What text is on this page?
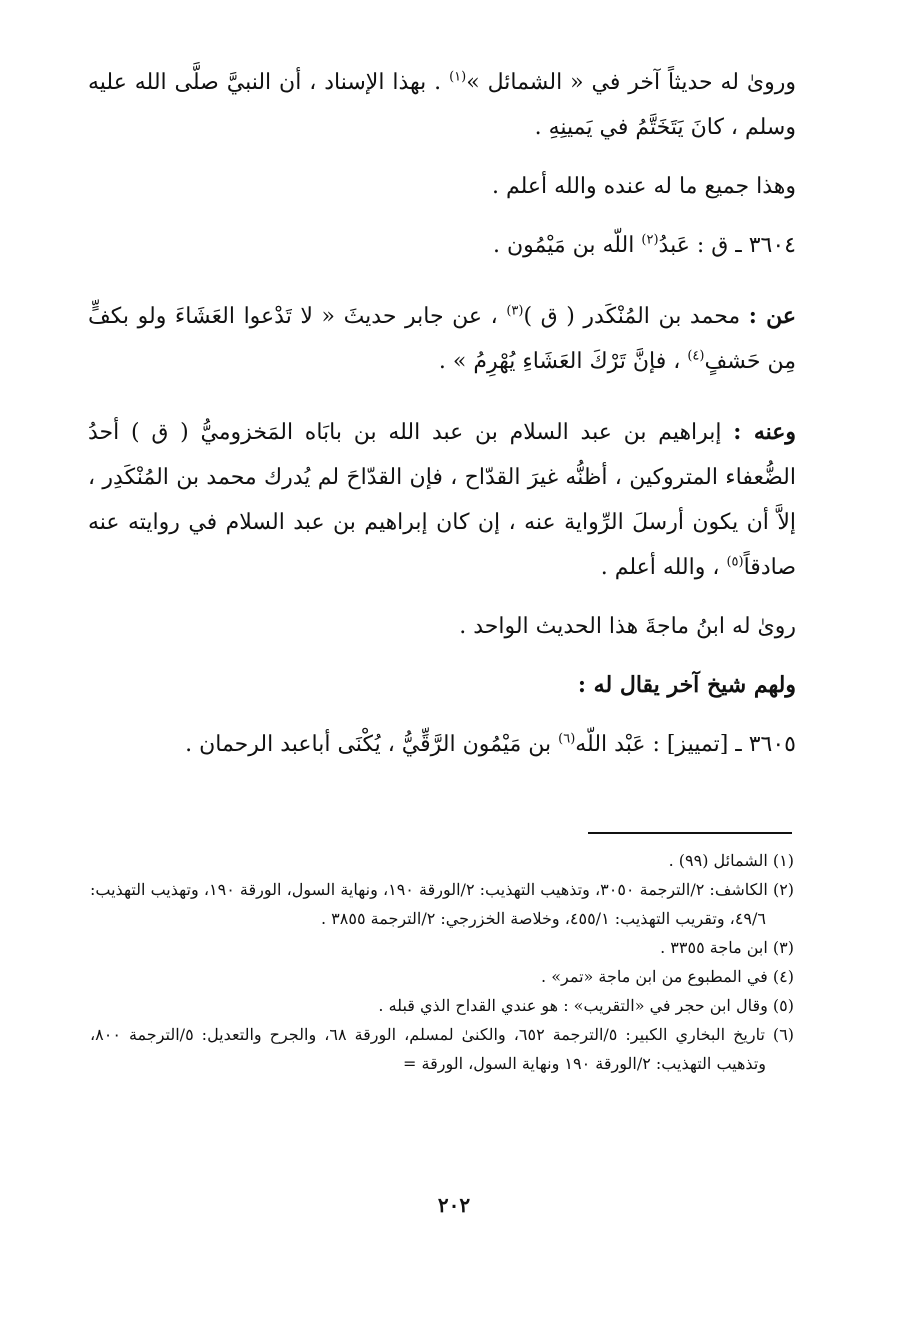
وروىٰ له حديثاً آخر في « الشمائل »$^{(١)}$ . بهذا الإسناد ، أن النبيَّ صلَّى الله عليه وسلم ، كانَ يَتَخَتَّمُ في يَمينِهِ .

وهذا جميع ما له عنده والله أعلم .

٣٦٠٤ ـ ق : عَبدُ$^{(٢)}$ اللّه بن مَيْمُون .

عن : محمد بن المُنْكَدر ( ق )$^{(٣)}$ ، عن جابر حديثَ « لا تَدْعوا العَشَاءَ ولو بكفٍّ مِن حَشفٍ$^{(٤)}$ ، فإنَّ تَرْكَ العَشَاءِ يُهْرِمُ » .

وعنه : إبراهيم بن عبد السلام بن عبد الله بن بابَاه المَخزوميُّ ( ق ) أحدُ الضُّعفاء المتروكين ، أظنُّه غيرَ القدّاح ، فإن القدّاحَ لم يُدرك محمد بن المُنْكَدِر ، إلاَّ أن يكون أرسلَ الرِّواية عنه ، إن كان إبراهيم بن عبد السلام في روايته عنه صادقاً$^{(٥)}$ ، والله أعلم .

روىٰ له ابنُ ماجةَ هذا الحديث الواحد .

ولهم شيخ آخر يقال له :

٣٦٠٥ ـ [تمييز] : عَبْد اللّه$^{(٦)}$ بن مَيْمُون الرَّقِّيُّ ، يُكْنَى أباعبد الرحمان .

(١) الشمائل (٩٩) .

(٢) الكاشف: ٢/الترجمة ٣٠٥٠، وتذهيب التهذيب: ٢/الورقة ١٩٠، ونهاية السول، الورقة ١٩٠، وتهذيب التهذيب: ٤٩/٦، وتقريب التهذيب: ٤٥٥/١، وخلاصة الخزرجي: ٢/الترجمة ٣٨٥٥ .

(٣) ابن ماجة ٣٣٥٥ .

(٤) في المطبوع من ابن ماجة «تمر» .

(٥) وقال ابن حجر في «التقريب» : هو عندي القداح الذي قبله .

(٦) تاريخ البخاري الكبير: ٥/الترجمة ٦٥٢، والكنىٰ لمسلم، الورقة ٦٨، والجرح والتعديل: ٥/الترجمة ٨٠٠، وتذهيب التهذيب: ٢/الورقة ١٩٠ ونهاية السول، الورقة =

٢٠٢
